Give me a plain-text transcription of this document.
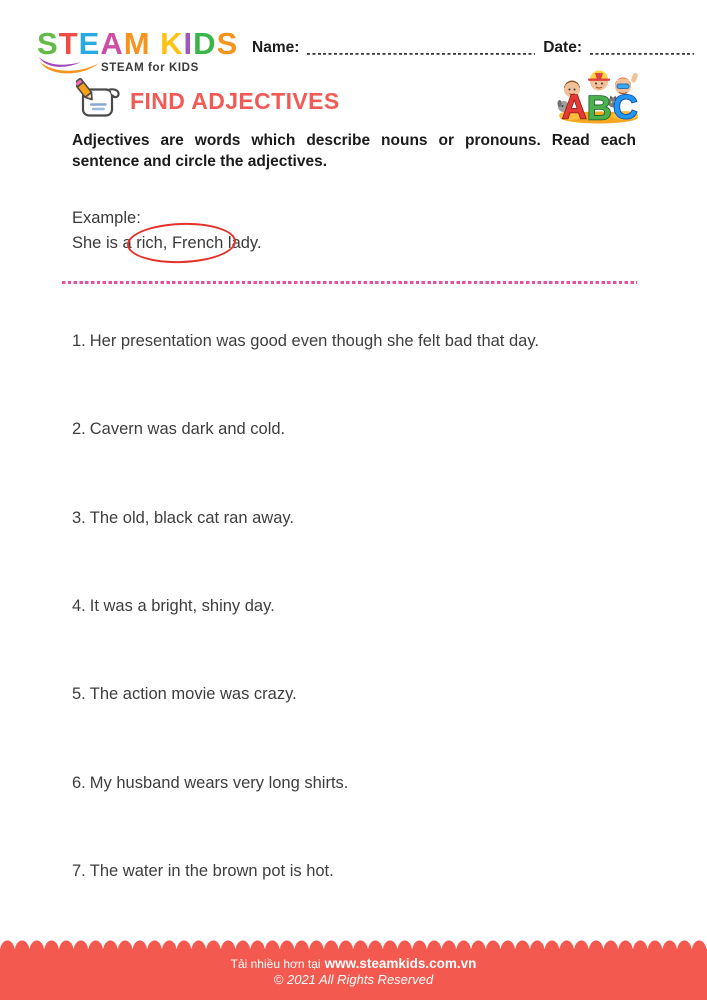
STEAM KIDS
STEAM for KIDS
Name:	Date:
FIND ADJECTIVES	A B C

Adjectives are words which describe nouns or pronouns. Read each sentence and circle the adjectives.

Example:
She is a rich, French lady.
1. Her presentation was good even though she felt bad that day.
2. Cavern was dark and cold.
3. The old, black cat ran away.
4. It was a bright, shiny day.
5. The action movie was crazy.
6. My husband wears very long shirts.
7. The water in the brown pot is hot.
Tải nhiều hơn tại www.steamkids.com.vn
© 2021 All Rights Reserved
